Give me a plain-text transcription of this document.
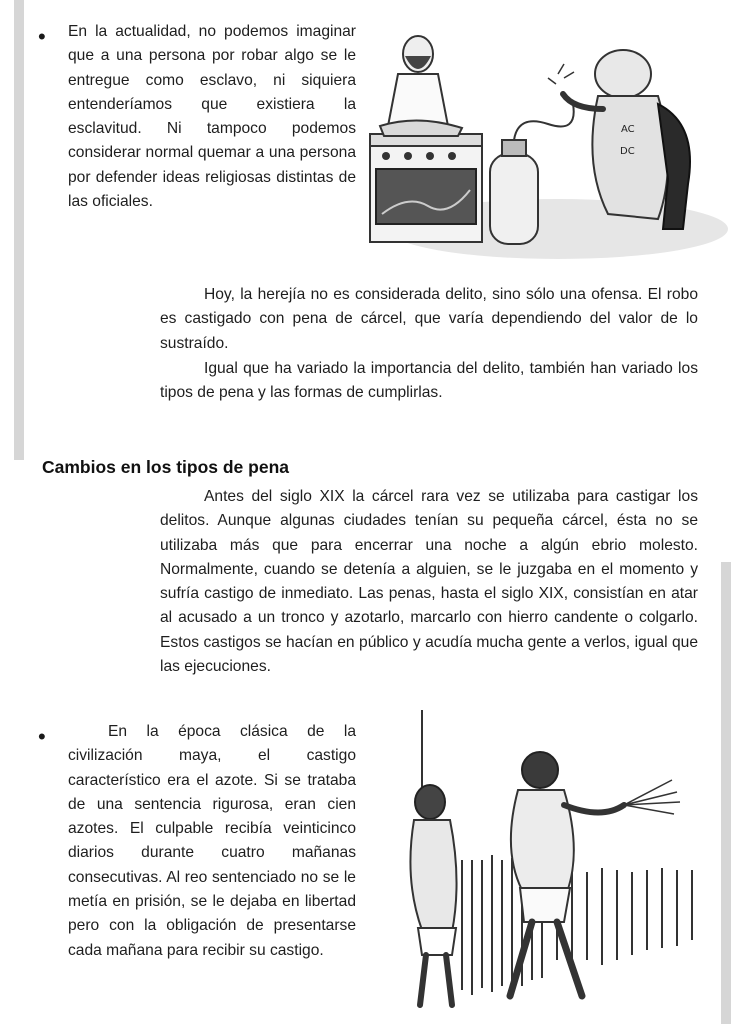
• En la actualidad, no podemos imaginar que a una persona por robar algo se le entregue como esclavo, ni siquiera entenderíamos que existiera la esclavitud. Ni tampoco podemos considerar normal quemar a una persona por defender ideas religiosas distintas de las oficiales.

AC
DC

Hoy, la herejía no es considerada delito, sino sólo una ofensa. El robo es castigado con pena de cárcel, que varía dependiendo del valor de lo sustraído.

Igual que ha variado la importancia del delito, también han variado los tipos de pena y las formas de cumplirlas.

Cambios en los tipos de pena

Antes del siglo XIX la cárcel rara vez se utilizaba para castigar los delitos. Aunque algunas ciudades tenían su pequeña cárcel, ésta no se utilizaba más que para encerrar una noche a algún ebrio molesto. Normalmente, cuando se detenía a alguien, se le juzgaba en el momento y sufría castigo de inmediato. Las penas, hasta el siglo XIX, consistían en atar al acusado a un tronco y azotarlo, marcarlo con hierro candente o colgarlo. Estos castigos se hacían en público y acudía mucha gente a verlos, igual que las ejecuciones.

•	En la época clásica de la civilización maya, el castigo característico era el azote. Si se trataba de una sentencia rigurosa, eran cien azotes. El culpable recibía veinticinco diarios durante cuatro mañanas consecutivas. Al reo sentenciado no se le metía en prisión, se le dejaba en libertad pero con la obligación de presentarse cada mañana para recibir su castigo.
